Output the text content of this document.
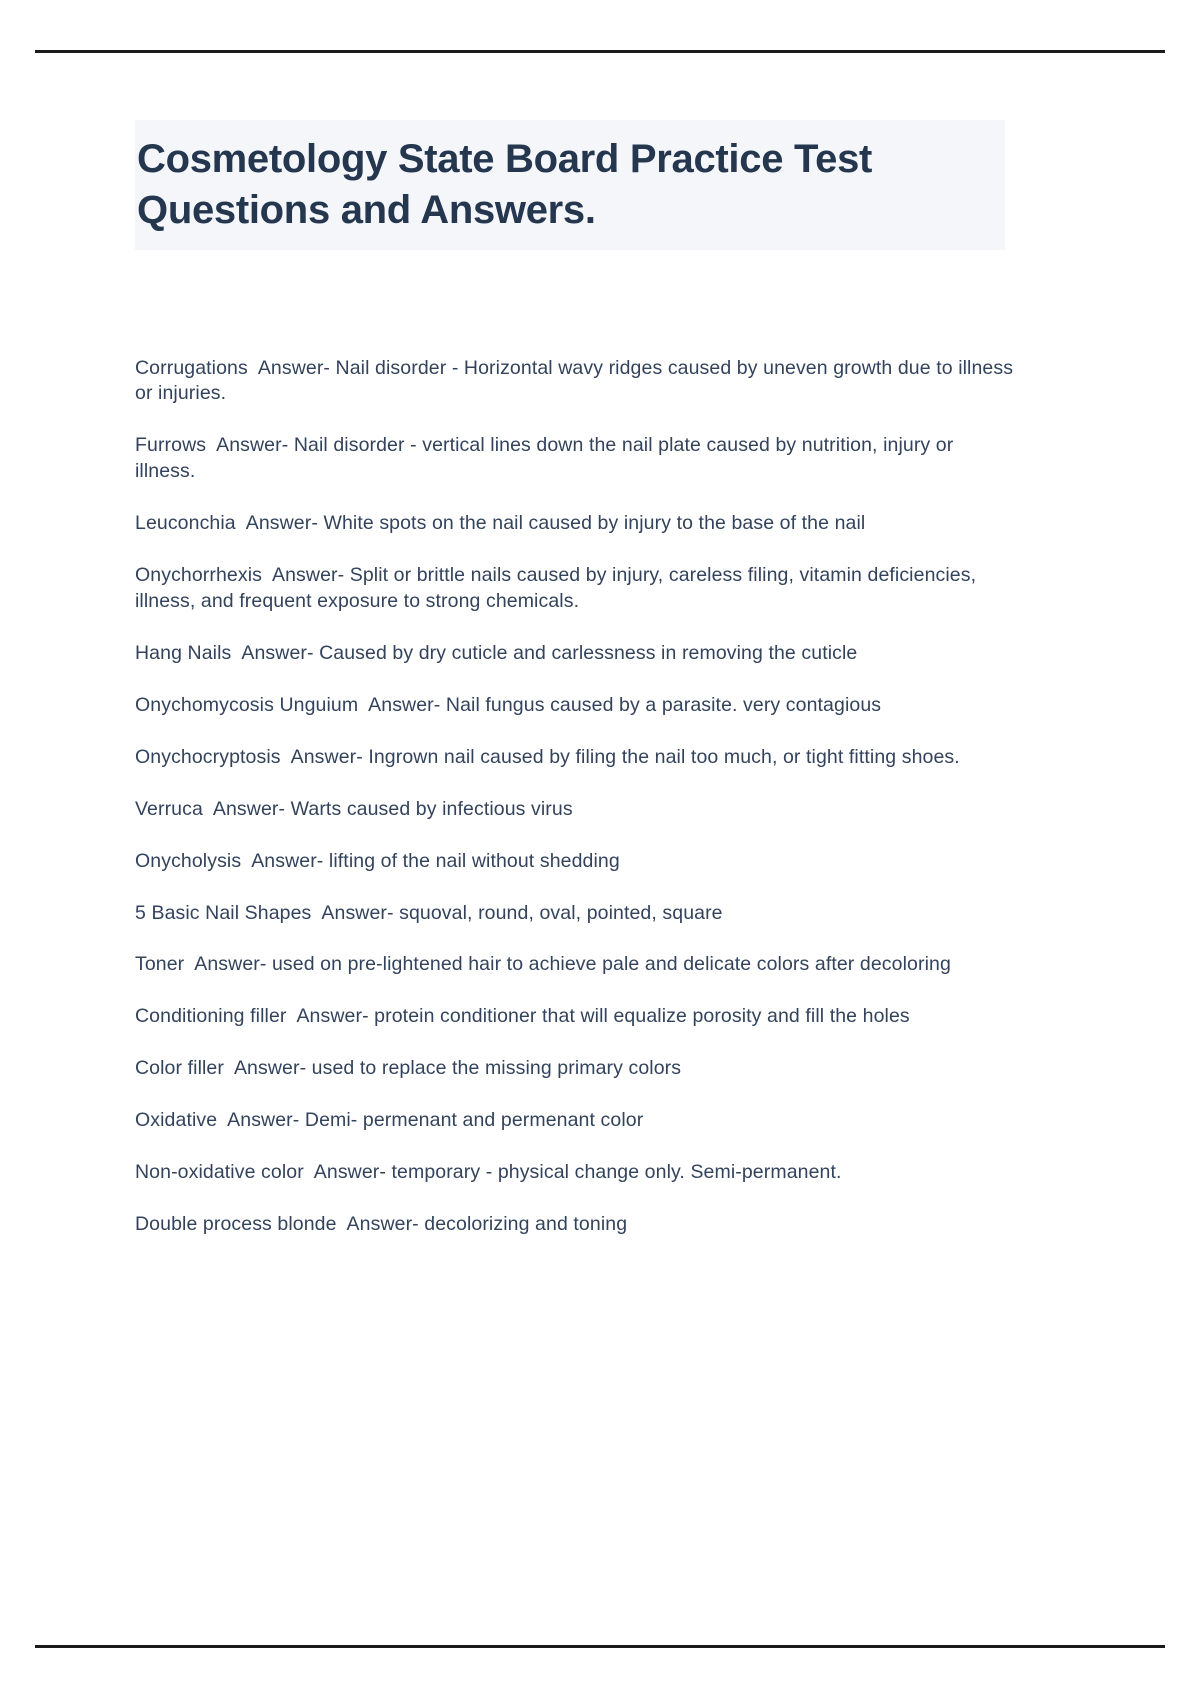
Cosmetology State Board Practice Test Questions and Answers.

Corrugations Answer- Nail disorder - Horizontal wavy ridges caused by uneven growth due to illness or injuries.

Furrows Answer- Nail disorder - vertical lines down the nail plate caused by nutrition, injury or illness.

Leuconchia Answer- White spots on the nail caused by injury to the base of the nail

Onychorrhexis Answer- Split or brittle nails caused by injury, careless filing, vitamin deficiencies, illness, and frequent exposure to strong chemicals.

Hang Nails Answer- Caused by dry cuticle and carlessness in removing the cuticle

Onychomycosis Unguium Answer- Nail fungus caused by a parasite. very contagious

Onychocryptosis Answer- Ingrown nail caused by filing the nail too much, or tight fitting shoes.

Verruca Answer- Warts caused by infectious virus

Onycholysis Answer- lifting of the nail without shedding

5 Basic Nail Shapes Answer- squoval, round, oval, pointed, square

Toner Answer- used on pre-lightened hair to achieve pale and delicate colors after decoloring

Conditioning filler Answer- protein conditioner that will equalize porosity and fill the holes

Color filler Answer- used to replace the missing primary colors

Oxidative Answer- Demi- permenant and permenant color

Non-oxidative color Answer- temporary - physical change only. Semi-permanent.

Double process blonde Answer- decolorizing and toning
